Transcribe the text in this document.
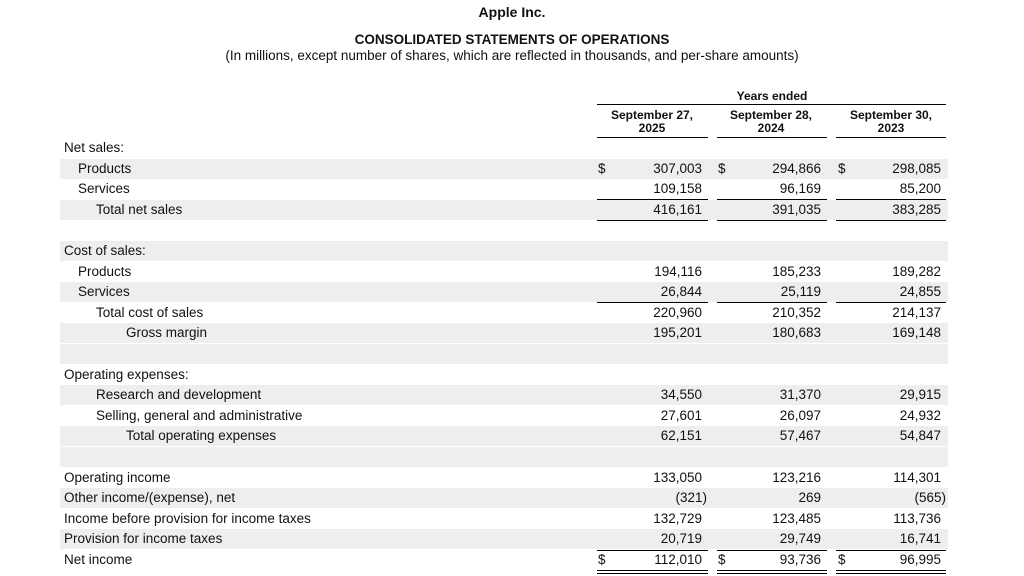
Apple Inc.
CONSOLIDATED STATEMENTS OF OPERATIONS
(In millions, except number of shares, which are reflected in thousands, and per-share amounts)
Years ended
September 27,
2025
September 28,
2024
September 30,
2023
Net sales:
Products	$	307,003 $	294,866 $	298,085
Services	109,158	96,169	85,200
Total net sales	416,161	391,035	383,285
Cost of sales:
Products	194,116	185,233	189,282
Services	26,844	25,119	24,855
Total cost of sales	220,960	210,352	214,137
Gross margin	195,201	180,683	169,148
Operating expenses:
Research and development	34,550	31,370	29,915
Selling, general and administrative	27,601	26,097	24,932
Total operating expenses	62,151	57,467	54,847
Operating income	133,050	123,216	114,301
Other income/(expense), net	(321)	269	(565)
Income before provision for income taxes	132,729	123,485	113,736
Provision for income taxes	20,719	29,749	16,741
Net income	$	112,010 $	93,736 $	96,995
